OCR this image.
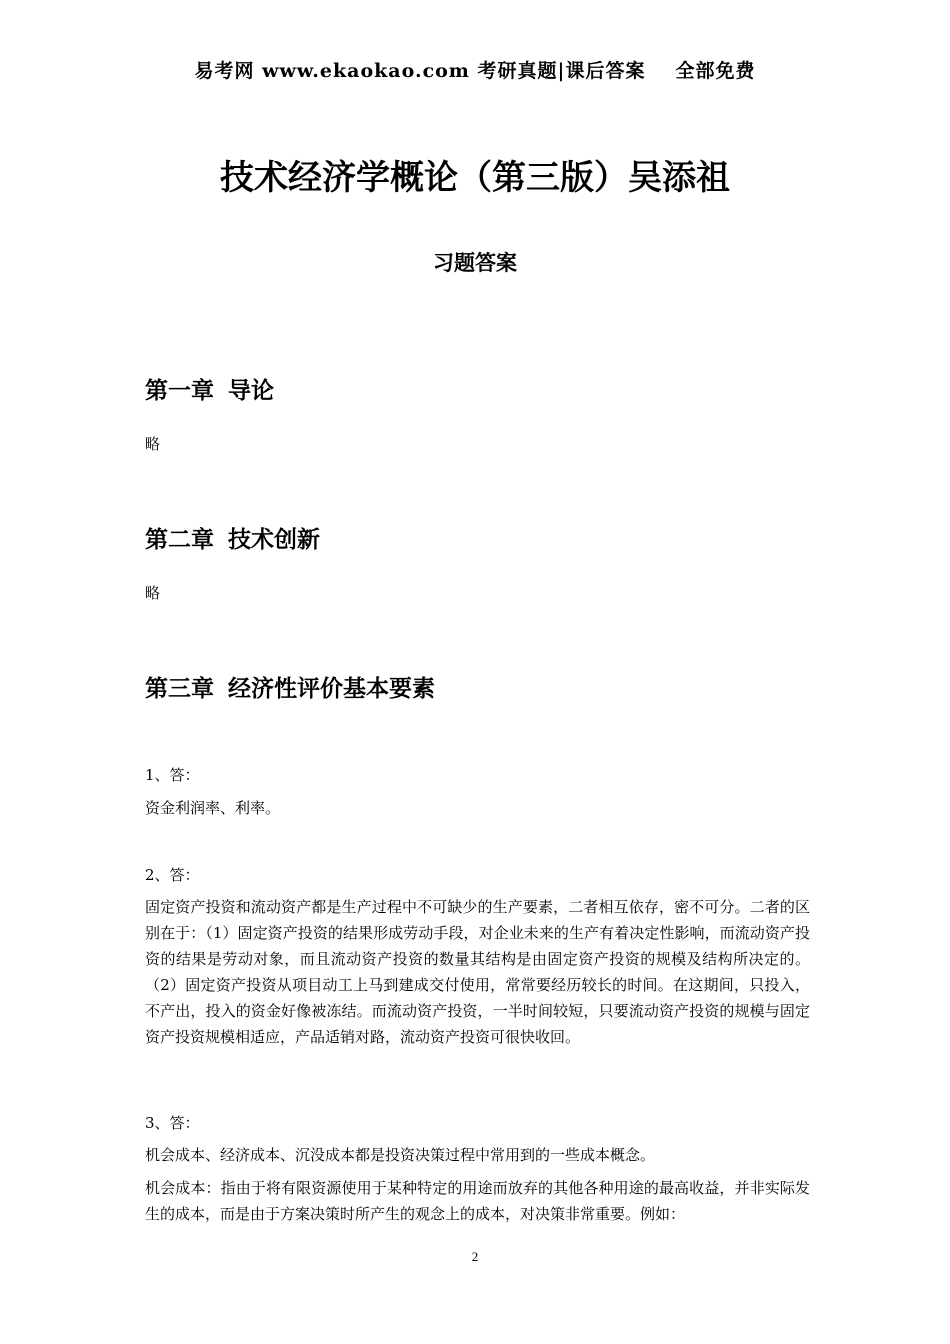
易考网 www.ekaokao.com 考研真题|课后答案 全部免费
技术经济学概论（第三版）吴添祖
习题答案
第一章 导论
略
第二章 技术创新
略
第三章 经济性评价基本要素
1、答：
资金利润率、利率。
2、答：
固定资产投资和流动资产都是生产过程中不可缺少的生产要素，二者相互依存，密不可分。二者的区别在于：（1）固定资产投资的结果形成劳动手段，对企业未来的生产有着决定性影响，而流动资产投资的结果是劳动对象，而且流动资产投资的数量其结构是由固定资产投资的规模及结构所决定的。（2）固定资产投资从项目动工上马到建成交付使用，常常要经历较长的时间。在这期间，只投入，不产出，投入的资金好像被冻结。而流动资产投资，一半时间较短，只要流动资产投资的规模与固定资产投资规模相适应，产品适销对路，流动资产投资可很快收回。
3、答：
机会成本、经济成本、沉没成本都是投资决策过程中常用到的一些成本概念。
机会成本：指由于将有限资源使用于某种特定的用途而放弃的其他各种用途的最高收益，并非实际发生的成本，而是由于方案决策时所产生的观念上的成本，对决策非常重要。例如：
2
